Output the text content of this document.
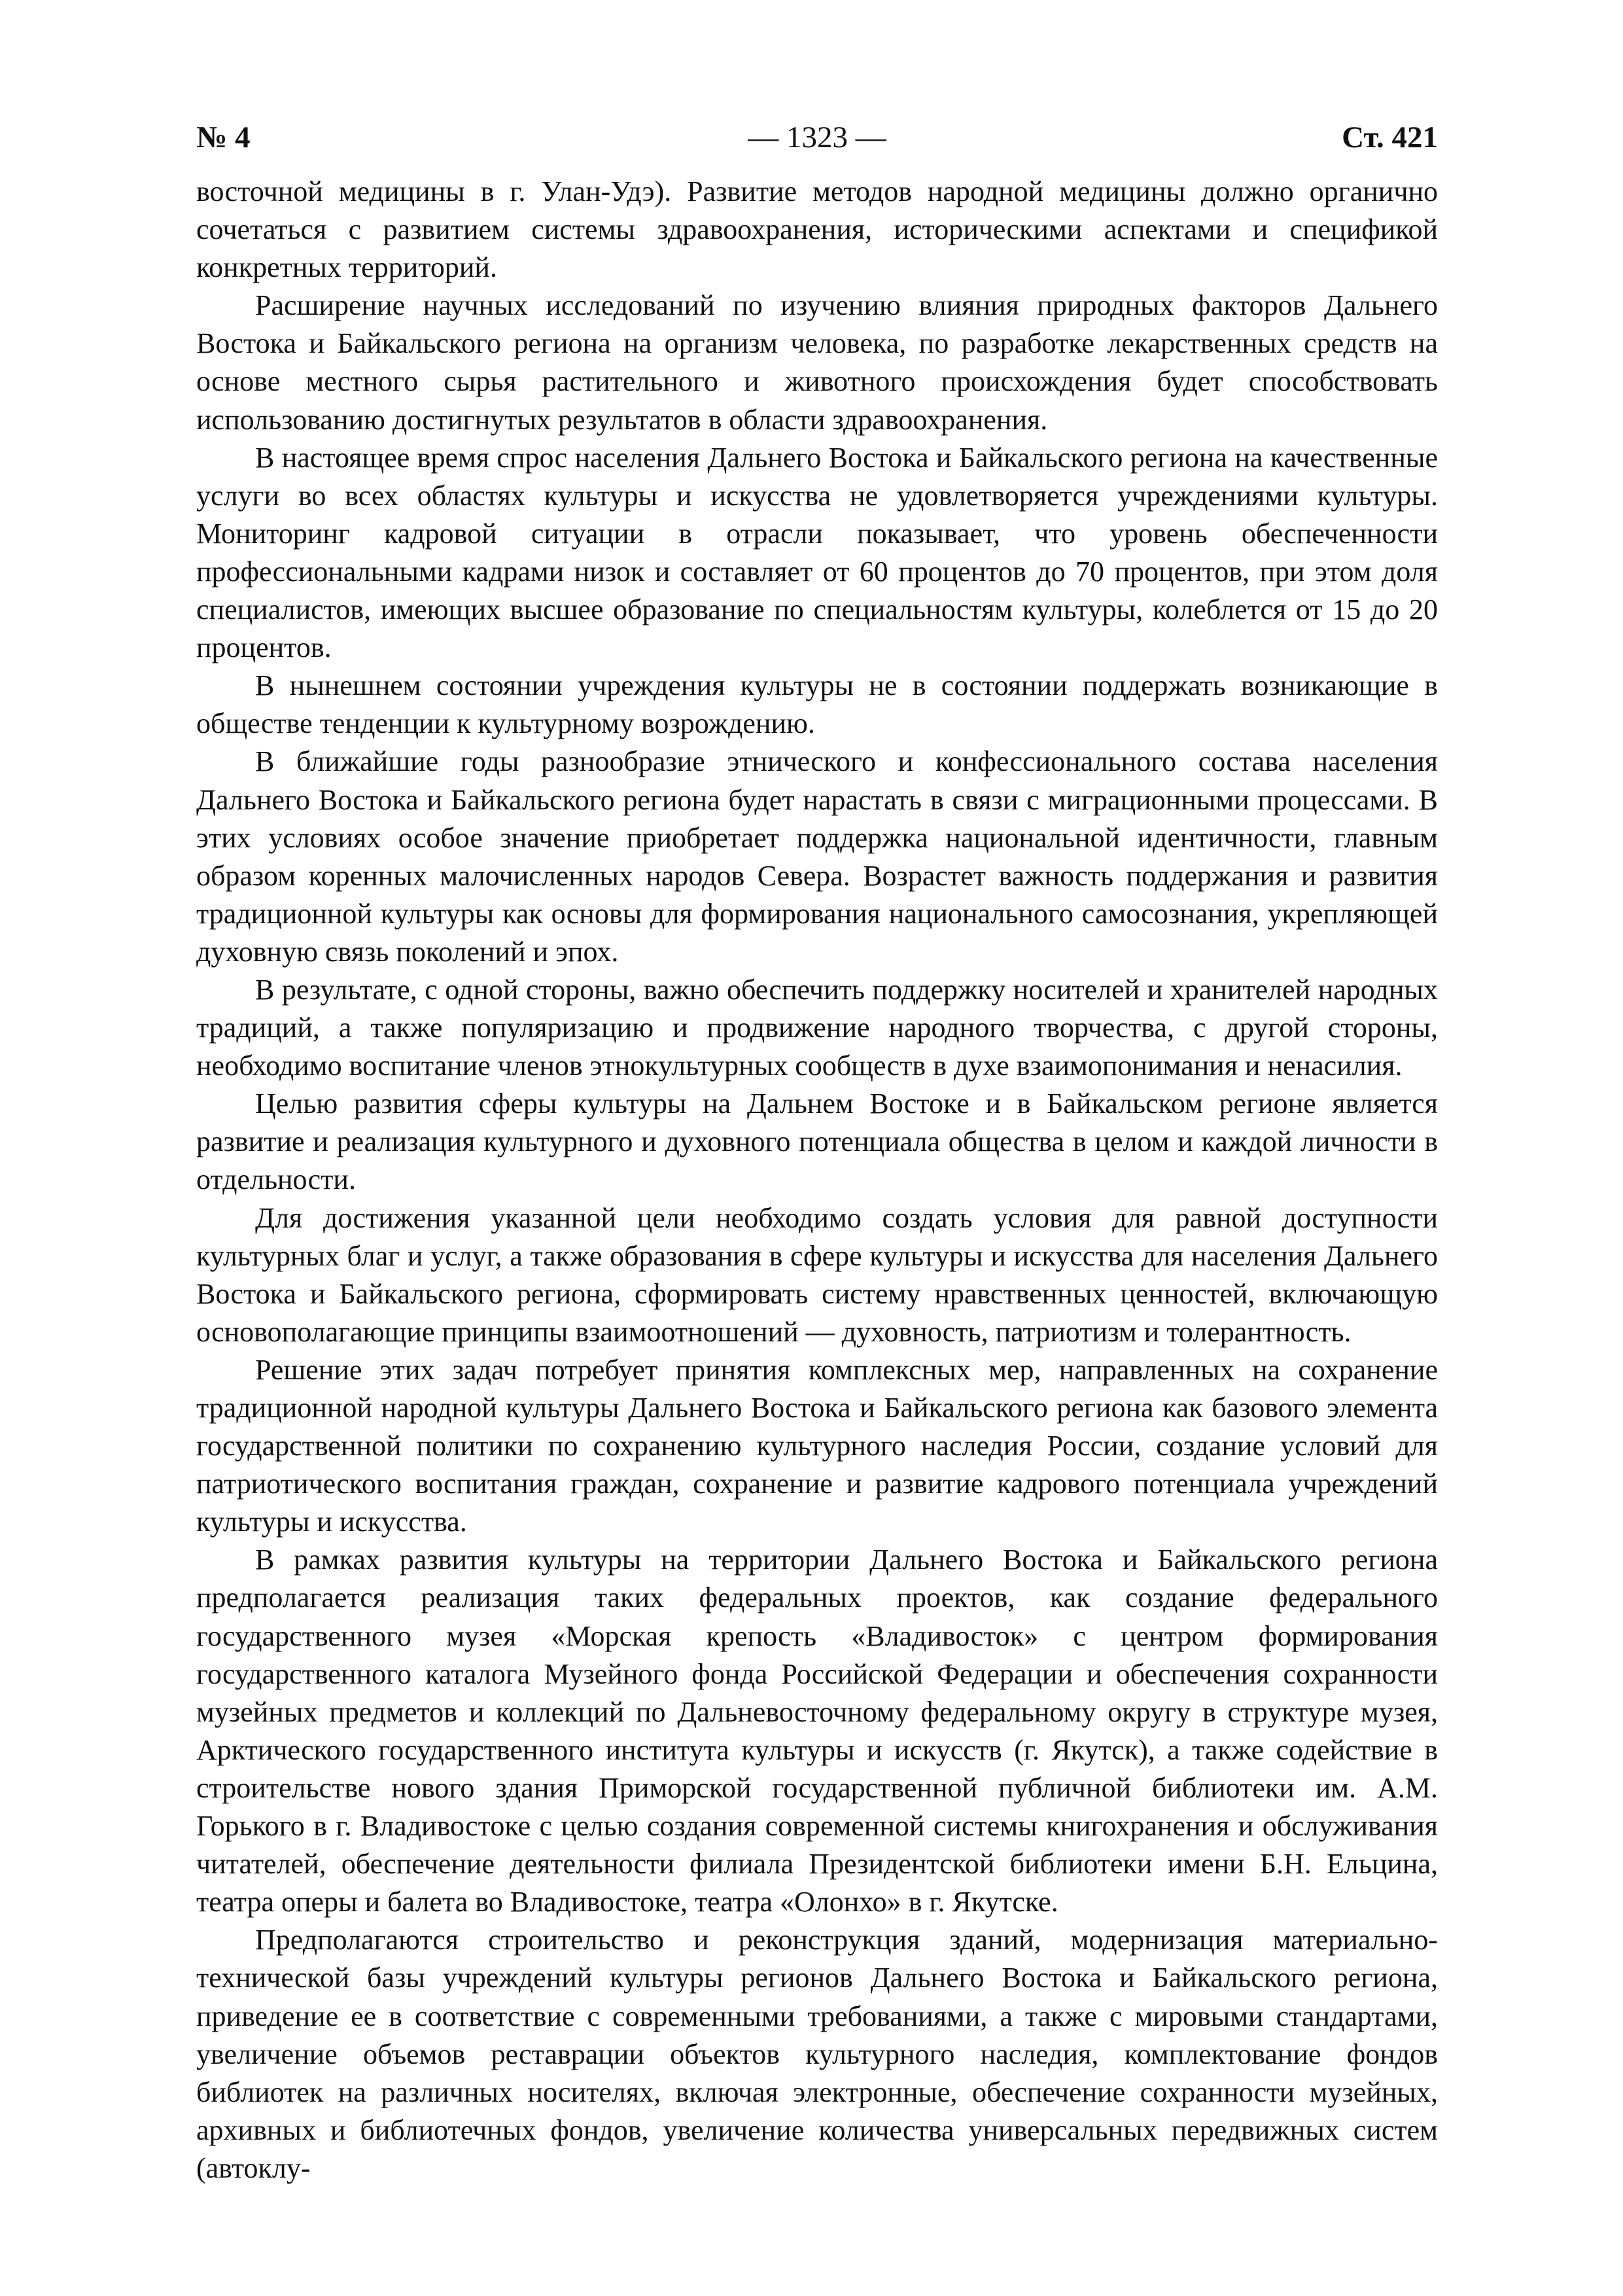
№ 4	— 1323 —	Ст. 421

восточной медицины в г. Улан-Удэ). Развитие методов народной медицины должно органично сочетаться с развитием системы здравоохранения, историческими аспектами и спецификой конкретных территорий.

Расширение научных исследований по изучению влияния природных факторов Дальнего Востока и Байкальского региона на организм человека, по разработке лекарственных средств на основе местного сырья растительного и животного происхождения будет способствовать использованию достигнутых результатов в области здравоохранения.

В настоящее время спрос населения Дальнего Востока и Байкальского региона на качественные услуги во всех областях культуры и искусства не удовлетворяется учреждениями культуры. Мониторинг кадровой ситуации в отрасли показывает, что уровень обеспеченности профессиональными кадрами низок и составляет от 60 процентов до 70 процентов, при этом доля специалистов, имеющих высшее образование по специальностям культуры, колеблется от 15 до 20 процентов.

В нынешнем состоянии учреждения культуры не в состоянии поддержать возникающие в обществе тенденции к культурному возрождению.

В ближайшие годы разнообразие этнического и конфессионального состава населения Дальнего Востока и Байкальского региона будет нарастать в связи с миграционными процессами. В этих условиях особое значение приобретает поддержка национальной идентичности, главным образом коренных малочисленных народов Севера. Возрастет важность поддержания и развития традиционной культуры как основы для формирования национального самосознания, укрепляющей духовную связь поколений и эпох.

В результате, с одной стороны, важно обеспечить поддержку носителей и хранителей народных традиций, а также популяризацию и продвижение народного творчества, с другой стороны, необходимо воспитание членов этнокультурных сообществ в духе взаимопонимания и ненасилия.

Целью развития сферы культуры на Дальнем Востоке и в Байкальском регионе является развитие и реализация культурного и духовного потенциала общества в целом и каждой личности в отдельности.

Для достижения указанной цели необходимо создать условия для равной доступности культурных благ и услуг, а также образования в сфере культуры и искусства для населения Дальнего Востока и Байкальского региона, сформировать систему нравственных ценностей, включающую основополагающие принципы взаимоотношений — духовность, патриотизм и толерантность.

Решение этих задач потребует принятия комплексных мер, направленных на сохранение традиционной народной культуры Дальнего Востока и Байкальского региона как базового элемента государственной политики по сохранению культурного наследия России, создание условий для патриотического воспитания граждан, сохранение и развитие кадрового потенциала учреждений культуры и искусства.

В рамках развития культуры на территории Дальнего Востока и Байкальского региона предполагается реализация таких федеральных проектов, как создание федерального государственного музея «Морская крепость «Владивосток» с центром формирования государственного каталога Музейного фонда Российской Федерации и обеспечения сохранности музейных предметов и коллекций по Дальневосточному федеральному округу в структуре музея, Арктического государственного института культуры и искусств (г. Якутск), а также содействие в строительстве нового здания Приморской государственной публичной библиотеки им. А.М. Горького в г. Владивостоке с целью создания современной системы книгохранения и обслуживания читателей, обеспечение деятельности филиала Президентской библиотеки имени Б.Н. Ельцина, театра оперы и балета во Владивостоке, театра «Олонхо» в г. Якутске.

Предполагаются строительство и реконструкция зданий, модернизация материально-технической базы учреждений культуры регионов Дальнего Востока и Байкальского региона, приведение ее в соответствие с современными требованиями, а также с мировыми стандартами, увеличение объемов реставрации объектов культурного наследия, комплектование фондов библиотек на различных носителях, включая электронные, обеспечение сохранности музейных, архивных и библиотечных фондов, увеличение количества универсальных передвижных систем (автоклу-
